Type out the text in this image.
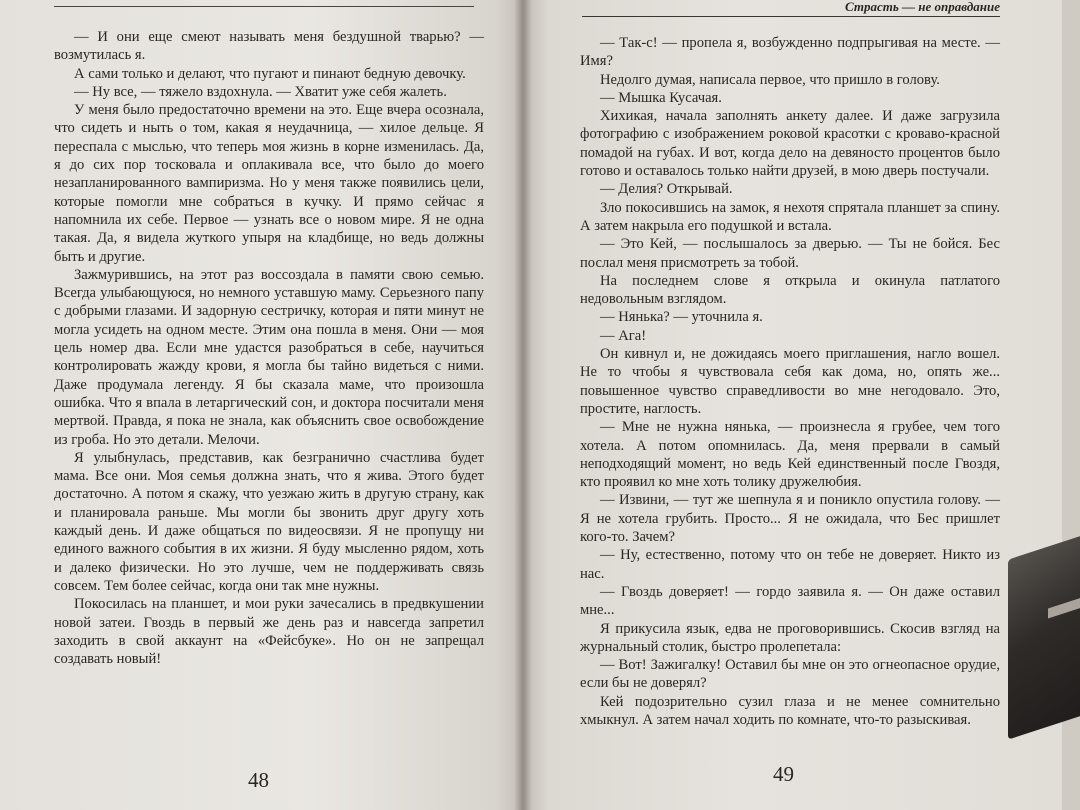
Страсть — не оправдание

— И они еще смеют называть меня бездушной тварью? — возмутилась я.

А сами только и делают, что пугают и пинают бедную девочку.

— Ну все, — тяжело вздохнула. — Хватит уже себя жалеть.

У меня было предостаточно времени на это. Еще вчера осознала, что сидеть и ныть о том, какая я неудачница, — хилое дельце. Я переспала с мыслью, что теперь моя жизнь в корне изменилась. Да, я до сих пор тосковала и оплакивала все, что было до моего незапланированного вампиризма. Но у меня также появились цели, которые помогли мне собраться в кучку. И прямо сейчас я напомнила их себе. Первое — узнать все о новом мире. Я не одна такая. Да, я видела жуткого упыря на кладбище, но ведь должны быть и другие.

Зажмурившись, на этот раз воссоздала в памяти свою семью. Всегда улыбающуюся, но немного уставшую маму. Серьезного папу с добрыми глазами. И задорную сестричку, которая и пяти минут не могла усидеть на одном месте. Этим она пошла в меня. Они — моя цель номер два. Если мне удастся разобраться в себе, научиться контролировать жажду крови, я могла бы тайно видеться с ними. Даже продумала легенду. Я бы сказала маме, что произошла ошибка. Что я впала в летаргический сон, и доктора посчитали меня мертвой. Правда, я пока не знала, как объяснить свое освобождение из гроба. Но это детали. Мелочи.

Я улыбнулась, представив, как безгранично счастлива будет мама. Все они. Моя семья должна знать, что я жива. Этого будет достаточно. А потом я скажу, что уезжаю жить в другую страну, как и планировала раньше. Мы могли бы звонить друг другу хоть каждый день. И даже общаться по видеосвязи. Я не пропущу ни единого важного события в их жизни. Я буду мысленно рядом, хоть и далеко физически. Но это лучше, чем не поддерживать связь совсем. Тем более сейчас, когда они так мне нужны.

Покосилась на планшет, и мои руки зачесались в предвкушении новой затеи. Гвоздь в первый же день раз и навсегда запретил заходить в свой аккаунт на «Фейсбуке». Но он не запрещал создавать новый!

— Так-с! — пропела я, возбужденно подпрыгивая на месте. — Имя?

Недолго думая, написала первое, что пришло в голову.

— Мышка Кусачая.

Хихикая, начала заполнять анкету далее. И даже загрузила фотографию с изображением роковой красотки с кроваво-красной помадой на губах. И вот, когда дело на девяносто процентов было готово и оставалось только найти друзей, в мою дверь постучали.

— Делия? Открывай.

Зло покосившись на замок, я нехотя спрятала планшет за спину. А затем накрыла его подушкой и встала.

— Это Кей, — послышалось за дверью. — Ты не бойся. Бес послал меня присмотреть за тобой.

На последнем слове я открыла и окинула патлатого недовольным взглядом.

— Нянька? — уточнила я.

— Ага!

Он кивнул и, не дожидаясь моего приглашения, нагло вошел. Не то чтобы я чувствовала себя как дома, но, опять же... повышенное чувство справедливости во мне негодовало. Это, простите, наглость.

— Мне не нужна нянька, — произнесла я грубее, чем того хотела. А потом опомнилась. Да, меня прервали в самый неподходящий момент, но ведь Кей единственный после Гвоздя, кто проявил ко мне хоть толику дружелюбия.

— Извини, — тут же шепнула я и поникло опустила голову. — Я не хотела грубить. Просто... Я не ожидала, что Бес пришлет кого-то. Зачем?

— Ну, естественно, потому что он тебе не доверяет. Никто из нас.

— Гвоздь доверяет! — гордо заявила я. — Он даже оставил мне...

Я прикусила язык, едва не проговорившись. Скосив взгляд на журнальный столик, быстро пролепетала:

— Вот! Зажигалку! Оставил бы мне он это огнеопасное орудие, если бы не доверял?

Кей подозрительно сузил глаза и не менее сомнительно хмыкнул. А затем начал ходить по комнате, что-то разыскивая.

48	49
